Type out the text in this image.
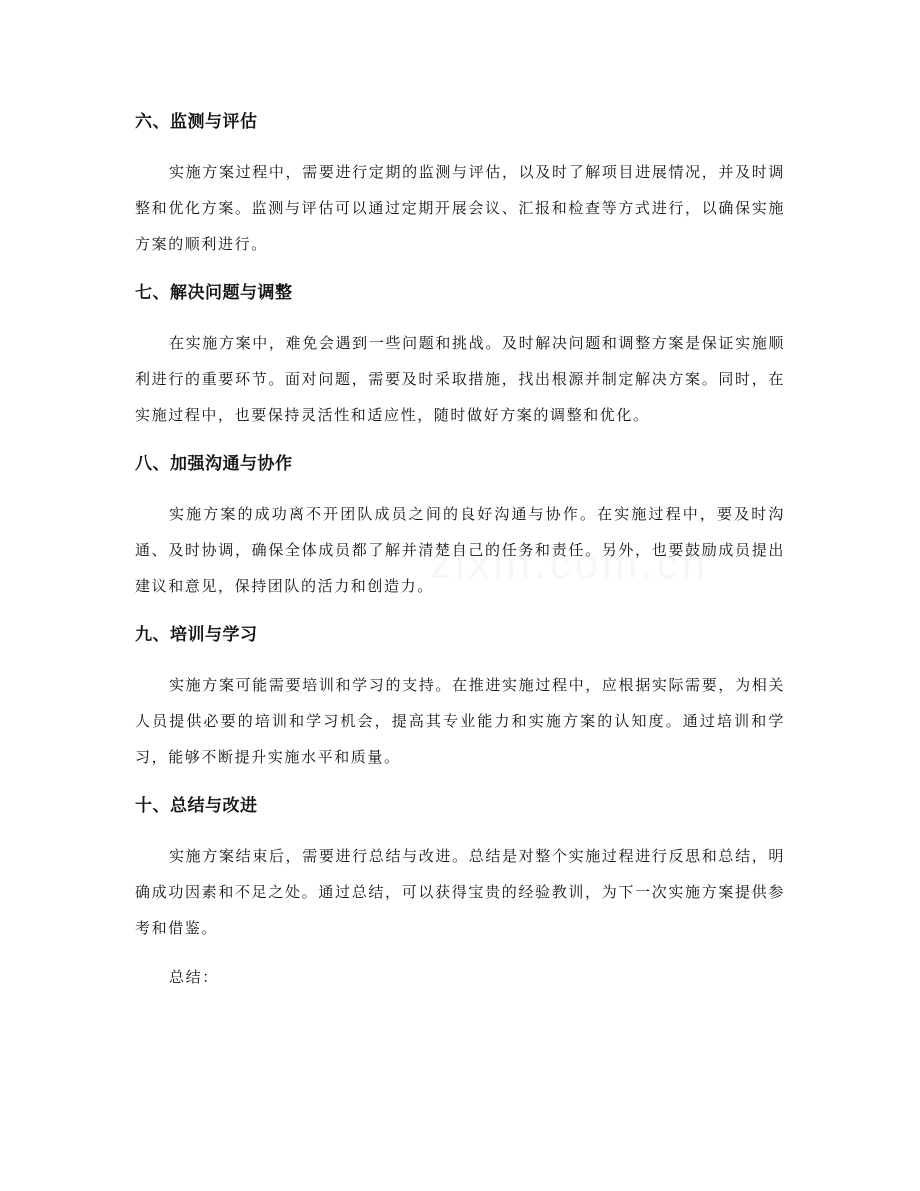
六、监测与评估

实施方案过程中，需要进行定期的监测与评估，以及时了解项目进展情况，并及时调整和优化方案。监测与评估可以通过定期开展会议、汇报和检查等方式进行，以确保实施方案的顺利进行。

七、解决问题与调整

在实施方案中，难免会遇到一些问题和挑战。及时解决问题和调整方案是保证实施顺利进行的重要环节。面对问题，需要及时采取措施，找出根源并制定解决方案。同时，在实施过程中，也要保持灵活性和适应性，随时做好方案的调整和优化。

八、加强沟通与协作

实施方案的成功离不开团队成员之间的良好沟通与协作。在实施过程中，要及时沟通、及时协调，确保全体成员都了解并清楚自己的任务和责任。另外，也要鼓励成员提出建议和意见，保持团队的活力和创造力。

九、培训与学习

实施方案可能需要培训和学习的支持。在推进实施过程中，应根据实际需要，为相关人员提供必要的培训和学习机会，提高其专业能力和实施方案的认知度。通过培训和学习，能够不断提升实施水平和质量。

十、总结与改进

实施方案结束后，需要进行总结与改进。总结是对整个实施过程进行反思和总结，明确成功因素和不足之处。通过总结，可以获得宝贵的经验教训，为下一次实施方案提供参考和借鉴。

总结：
